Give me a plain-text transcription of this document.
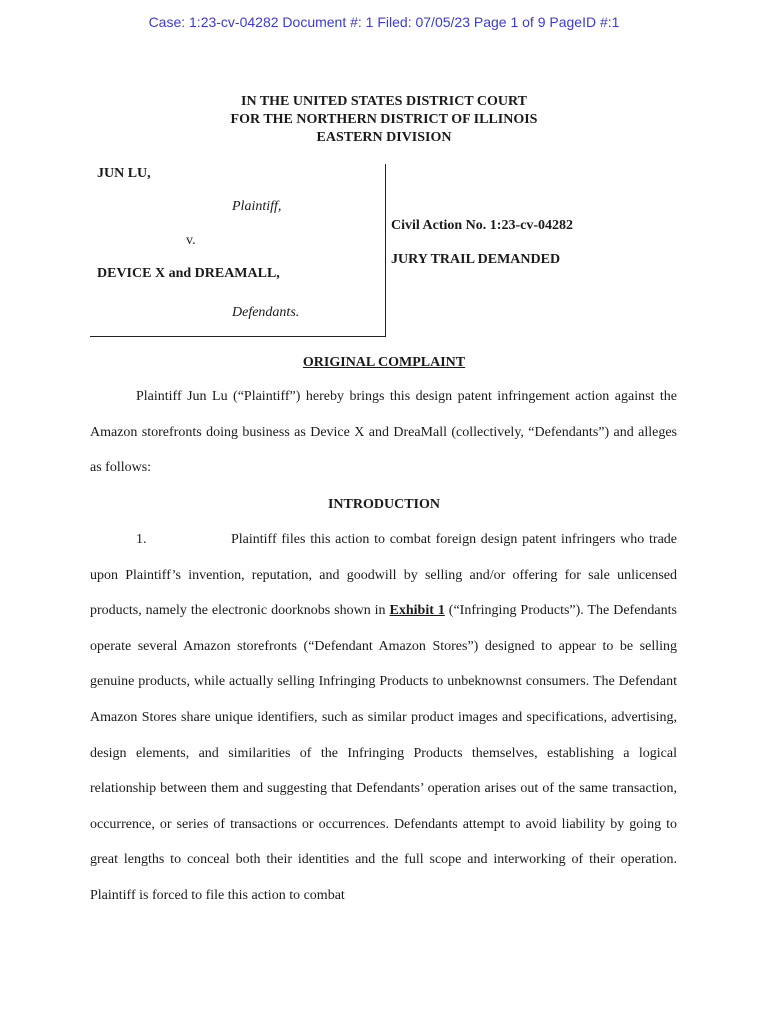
Case: 1:23-cv-04282 Document #: 1 Filed: 07/05/23 Page 1 of 9 PageID #:1
IN THE UNITED STATES DISTRICT COURT
FOR THE NORTHERN DISTRICT OF ILLINOIS
EASTERN DIVISION
JUN LU,
Plaintiff,
v.
DEVICE X and DREAMALL,
Defendants.
Civil Action No. 1:23-cv-04282
JURY TRAIL DEMANDED
ORIGINAL COMPLAINT
Plaintiff Jun Lu (“Plaintiff”) hereby brings this design patent infringement action against the Amazon storefronts doing business as Device X and DreaMall (collectively, “Defendants”) and alleges as follows:
INTRODUCTION
1.	Plaintiff files this action to combat foreign design patent infringers who trade upon Plaintiff’s invention, reputation, and goodwill by selling and/or offering for sale unlicensed products, namely the electronic doorknobs shown in Exhibit 1 (“Infringing Products”). The Defendants operate several Amazon storefronts (“Defendant Amazon Stores”) designed to appear to be selling genuine products, while actually selling Infringing Products to unbeknownst consumers. The Defendant Amazon Stores share unique identifiers, such as similar product images and specifications, advertising, design elements, and similarities of the Infringing Products themselves, establishing a logical relationship between them and suggesting that Defendants’ operation arises out of the same transaction, occurrence, or series of transactions or occurrences. Defendants attempt to avoid liability by going to great lengths to conceal both their identities and the full scope and interworking of their operation. Plaintiff is forced to file this action to combat
